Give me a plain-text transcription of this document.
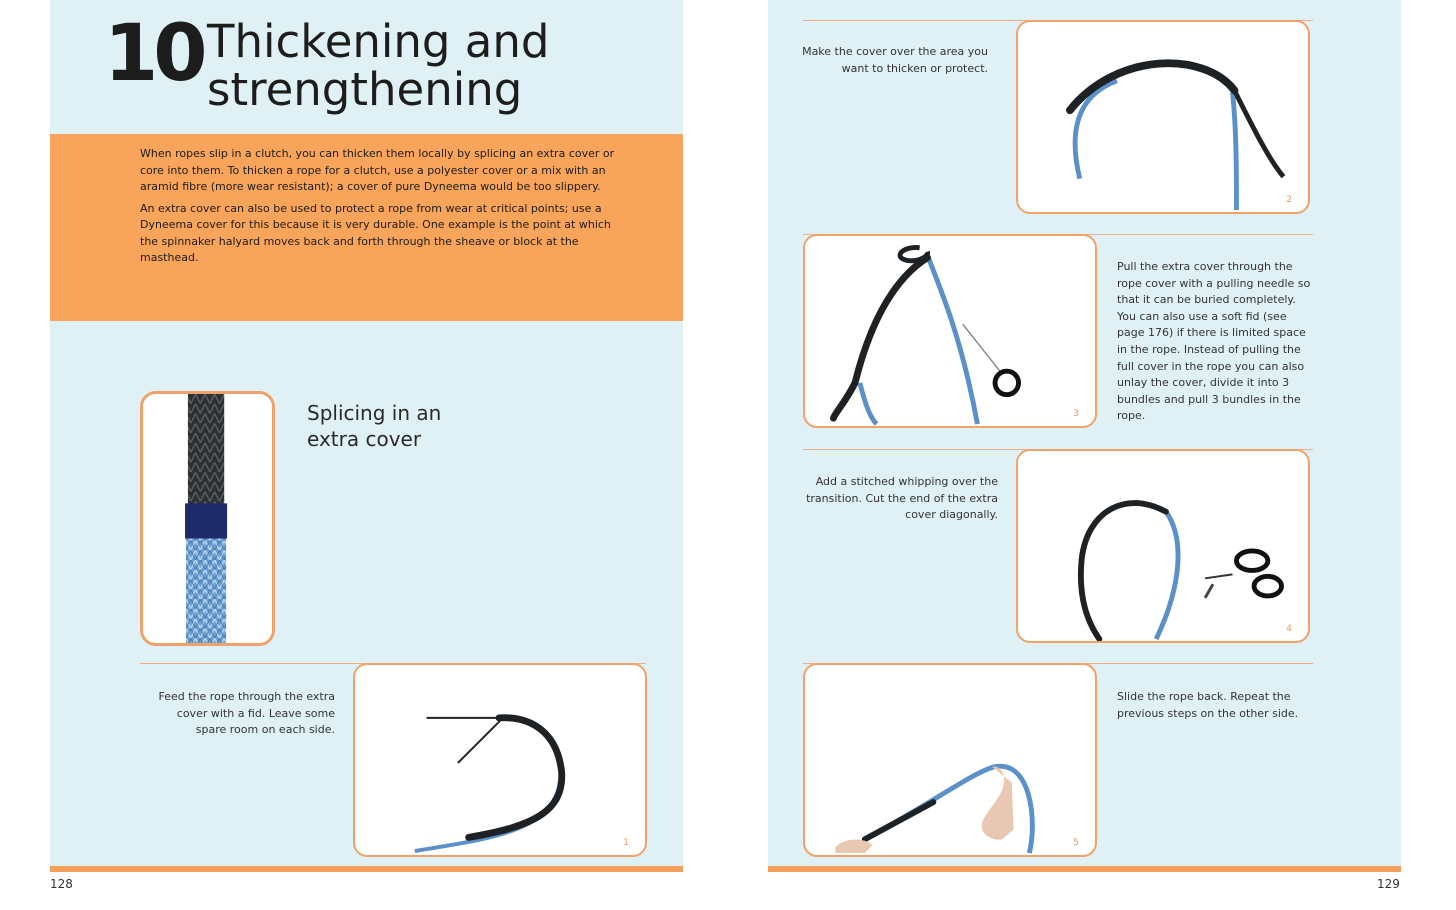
10 Thickening and
strengthening

When ropes slip in a clutch, you can thicken them locally by splicing an extra cover or core into them. To thicken a rope for a clutch, use a polyester cover or a mix with an aramid fibre (more wear resistant); a cover of pure Dyneema would be too slippery.

An extra cover can also be used to protect a rope from wear at critical points; use a Dyneema cover for this because it is very durable. One example is the point at which the spinnaker halyard moves back and forth through the sheave or block at the masthead.

Splicing in an
extra cover
Feed the rope through the extra cover with a fid. Leave some spare room on each side.
1
128
Make the cover over the area you want to thicken or protect.
2
3
Pull the extra cover through the rope cover with a pulling needle so that it can be buried completely. You can also use a soft fid (see page 176) if there is limited space in the rope. Instead of pulling the full cover in the rope you can also unlay the cover, divide it into 3 bundles and pull 3 bundles in the rope.
Add a stitched whipping over the transition. Cut the end of the extra cover diagonally.
4
5
Slide the rope back. Repeat the previous steps on the other side.
129
